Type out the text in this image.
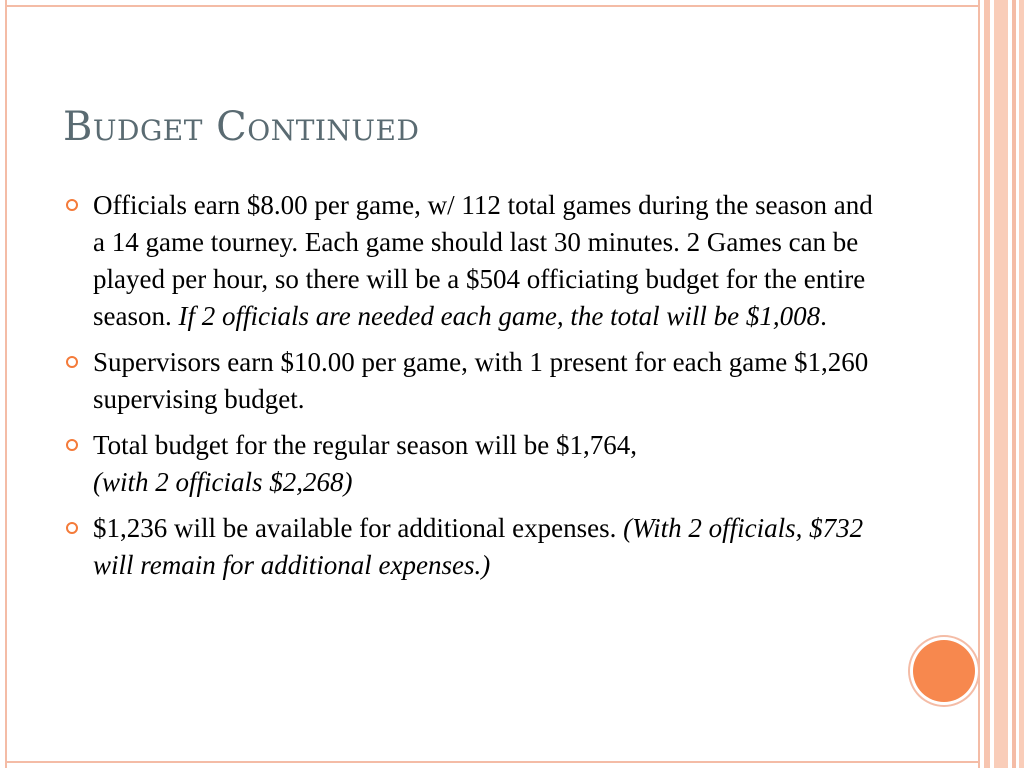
Budget Continued
Officials earn $8.00 per game, w/ 112 total games during the season and a 14 game tourney. Each game should last 30 minutes. 2 Games can be played per hour, so there will be a $504 officiating budget for the entire season. If 2 officials are needed each game, the total will be $1,008.
Supervisors earn $10.00 per game, with 1 present for each game $1,260 supervising budget.
Total budget for the regular season will be $1,764,
(with 2 officials $2,268)
$1,236 will be available for additional expenses. (With 2 officials, $732 will remain for additional expenses.)
